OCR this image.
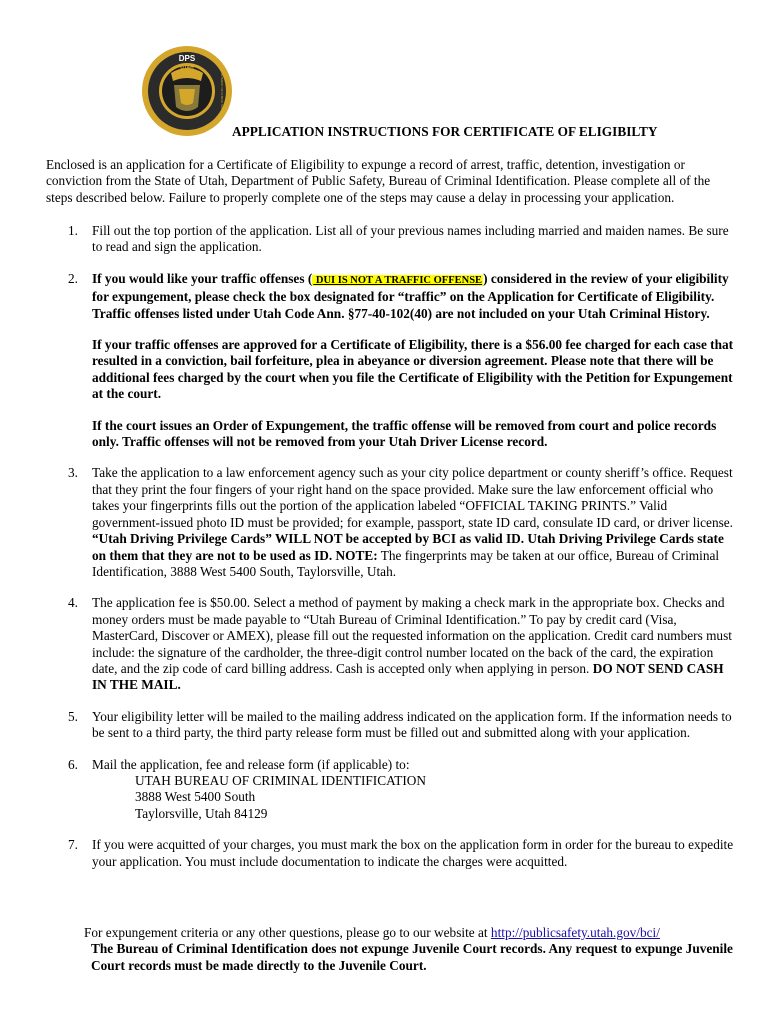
DPS
UTAH	DEPARTMENT OF PUBLIC SAFETY
APPLICATION INSTRUCTIONS FOR CERTIFICATE OF ELIGIBILTY
Enclosed is an application for a Certificate of Eligibility to expunge a record of arrest, traffic, detention, investigation or conviction from the State of Utah, Department of Public Safety, Bureau of Criminal Identification. Please complete all of the steps described below. Failure to properly complete one of the steps may cause a delay in processing your application.
1. Fill out the top portion of the application. List all of your previous names including married and maiden names. Be sure to read and sign the application.
2. If you would like your traffic offenses ( DUI IS NOT A TRAFFIC OFFENSE) considered in the review of your eligibility for expungement, please check the box designated for “traffic” on the Application for Certificate of Eligibility. Traffic offenses listed under Utah Code Ann. §77-40-102(40) are not included on your Utah Criminal History.
If your traffic offenses are approved for a Certificate of Eligibility, there is a $56.00 fee charged for each case that resulted in a conviction, bail forfeiture, plea in abeyance or diversion agreement. Please note that there will be additional fees charged by the court when you file the Certificate of Eligibility with the Petition for Expungement at the court.
If the court issues an Order of Expungement, the traffic offense will be removed from court and police records only. Traffic offenses will not be removed from your Utah Driver License record.
3. Take the application to a law enforcement agency such as your city police department or county sheriff’s office. Request that they print the four fingers of your right hand on the space provided. Make sure the law enforcement official who takes your fingerprints fills out the portion of the application labeled “OFFICIAL TAKING PRINTS.” Valid government-issued photo ID must be provided; for example, passport, state ID card, consulate ID card, or driver license. “Utah Driving Privilege Cards” WILL NOT be accepted by BCI as valid ID. Utah Driving Privilege Cards state on them that they are not to be used as ID. NOTE: The fingerprints may be taken at our office, Bureau of Criminal Identification, 3888 West 5400 South, Taylorsville, Utah.
4. The application fee is $50.00. Select a method of payment by making a check mark in the appropriate box. Checks and money orders must be made payable to “Utah Bureau of Criminal Identification.” To pay by credit card (Visa, MasterCard, Discover or AMEX), please fill out the requested information on the application. Credit card numbers must include: the signature of the cardholder, the three-digit control number located on the back of the card, the expiration date, and the zip code of card billing address. Cash is accepted only when applying in person. DO NOT SEND CASH IN THE MAIL.
5. Your eligibility letter will be mailed to the mailing address indicated on the application form. If the information needs to be sent to a third party, the third party release form must be filled out and submitted along with your application.
6. Mail the application, fee and release form (if applicable) to:
UTAH BUREAU OF CRIMINAL IDENTIFICATION
3888 West 5400 South
Taylorsville, Utah 84129
7. If you were acquitted of your charges, you must mark the box on the application form in order for the bureau to expedite your application. You must include documentation to indicate the charges were acquitted.
For expungement criteria or any other questions, please go to our website at http://publicsafety.utah.gov/bci/
The Bureau of Criminal Identification does not expunge Juvenile Court records. Any request to expunge Juvenile Court records must be made directly to the Juvenile Court.
